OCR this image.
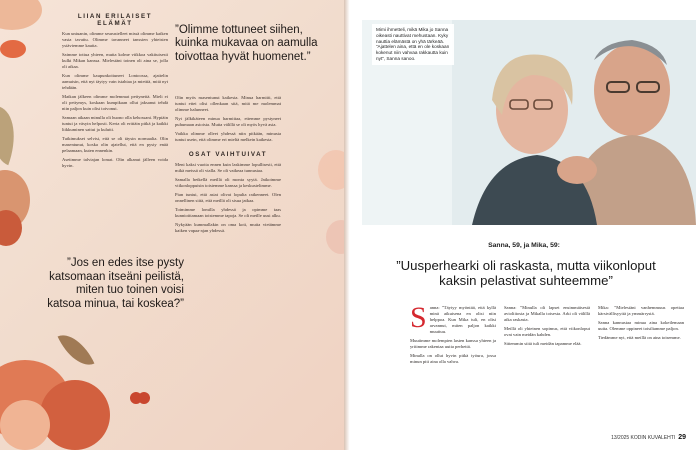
LIIAN ERILAISET ELÄMÄT

Kun uniuanin, olimme seurustelleet missä olimme kaiken vasta tavattu. Olimme tavanneet tanssien yhteisten ystäviemme kautta.

Saimme tottua yhteen, mutta kolme viikkoa vakituisesti kulki Mikan kanssa. Mielestäni toinen oli aina se, jolla oli aikaa.

Kun olimme kaupunkoituneet Lontoossa, ajattelin aamuisin, että nyt täytyy vain istahtaa ja miettiä, mitä nyt tehdään.

Matkan jälkeen olimme molemmat pettyneitä. Mieli ei oli pettymys, koskaan kumpikaan ollut jaksanut tehdä niin paljon kuin olisi toivonut.

Samaan aikaan minulla oli huono olla kehossani. Hypiäin tuntui ja väsyin helposti. Kerta oli erittäin pitkä ja kaikki liikkuminen sattui ja kulutti.

Tutkimukset selvisi, että se oli täysin normaalia. Olin masentunut, koska olin ajatellut, että en pysty enää pelaamaan, kuten ennenkin.

Asetimme talviajan lomat. Olin alkanut jälleen voida hyvin.

”Olimme tottuneet siihen, kuinka mukavaa on aamulla toivottaa hyvät huomenet.”

Olin myös masentunut kaikesta. Minua harmitti, että tuntui ettei olisi ollenkaan sitä, mitä me molemmat olimme halunneet.

Nyt jälkikäteen minua harmittaa, ettemme pystyneet puhumaan asioista. Mutta välillä se oli myös hyvä asia.

Vaikka olimme olleet yhdessä niin pitkään, minusta tuntui usein, että olimme eri mieltä melkein kaikesta.

OSAT VAIHTUIVAT

Meni kaksi vuotta ennen kuin laskimme lopullisesti, että mikä meissä oli vialla. Se oli vaikeaa tunnustaa.

Samalla hetkellä meillä oli monta syytä. Jatkoimme viikonloppuisin toistemme kanssa ja keskustelimme.

Pian tuntui, että asiat olivat lopulta ratkenneet. Olen onnellinen siitä, että meillä oli sisua jatkaa.

Toimimme lomilla yhdessä ja opimme taas kunnioittamaan toistemme tapoja. Se oli meille uusi alku.

Nykyään kummallakin on oma koti, mutta vietämme kaiken vapaa-ajan yhdessä.

”Jos en edes itse pysty katsomaan itseäni peilistä, miten tuo toinen voisi katsoa minua, tai koskea?”
Mimi ihmetteli, mikä Mika jo Sanna oikeasti nauttivat mehustaan. Kyky nauttia elämästä on yhä tärkeää. ”Ajattelen aina, että en ole koskaan kokenut niin vahvaa rakkautta kuin nyt”, Sanna sanoo.
Sanna, 59, ja Mika, 59:
”Uusperhearki oli raskasta, mutta viikonloput kaksin pelastivat suhteemme”

Sanna: ”Täytyy myöntää, että kyllä minä aikuisena en olisi niin helppoa. Kun Mika tuli, en olisi arvannut, miten paljon kaikki muuttuu.

Muutimme molempien lasten kanssa yhteen ja yritimme rakentaa uutta perhettä.

Minulla on ollut hyvin pitkä työura, jossa minun piti aina olla vahva.

Sanna: ”Minulla oli lapset ensimmäisestä avioliitosta ja Mikalla toisesta. Arki oli välillä aika raskasta.

Meillä oli yhteinen sopimus, että viikonloput ovat vain meidän kahden.

Sittemmin siitä tuli meidän tapamme elää.

Mika: ”Mielestäni vanhemmuus opettaa kärsivällisyyttä ja ymmärrystä.

Sanna kannustaa minua aina kokeilemaan uutta. Olemme oppineet toisiltamme paljon.

Tiedämme nyt, että meillä on aina toisemme.

13/2025 KODIN KUVALEHTI 29
